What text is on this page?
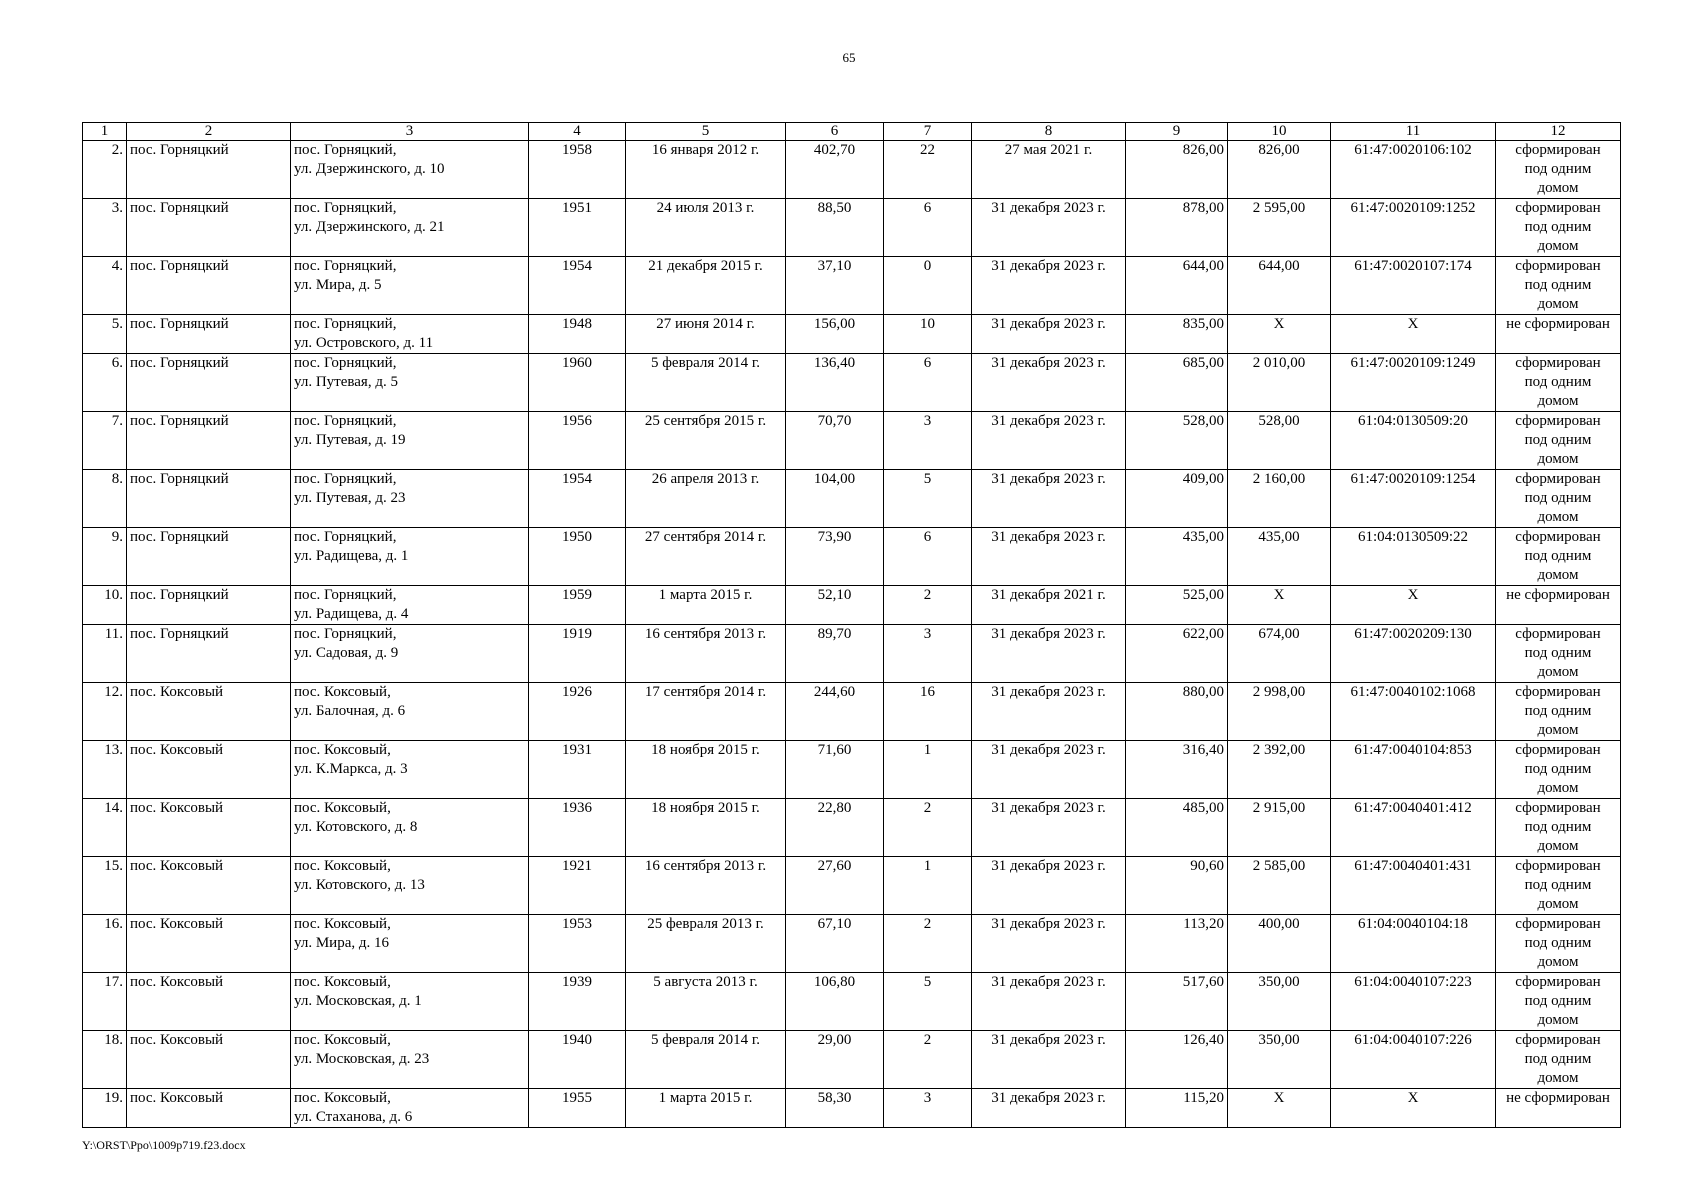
65
1	2	3	4	5	6	7	8	9	10	11	12
2.	пос. Горняцкий	пос. Горняцкий,
ул. Дзержинского, д. 10	1958	16 января 2012 г.	402,70	22	27 мая 2021 г.	826,00	826,00	61:47:0020106:102	сформирован
под одним
домом

3.	пос. Горняцкий	пос. Горняцкий,
ул. Дзержинского, д. 21	1951	24 июля 2013 г.	88,50	6	31 декабря 2023 г.	878,00	2 595,00	61:47:0020109:1252	сформирован
под одним
домом

4.	пос. Горняцкий	пос. Горняцкий,
ул. Мира, д. 5	1954	21 декабря 2015 г.	37,10	0	31 декабря 2023 г.	644,00	644,00	61:47:0020107:174	сформирован
под одним
домом

5.	пос. Горняцкий	пос. Горняцкий,
ул. Островского, д. 11	1948	27 июня 2014 г.	156,00	10	31 декабря 2023 г.	835,00	X	X	не сформирован

6.	пос. Горняцкий	пос. Горняцкий,
ул. Путевая, д. 5	1960	5 февраля 2014 г.	136,40	6	31 декабря 2023 г.	685,00	2 010,00	61:47:0020109:1249	сформирован
под одним
домом

7.	пос. Горняцкий	пос. Горняцкий,
ул. Путевая, д. 19	1956	25 сентября 2015 г.	70,70	3	31 декабря 2023 г.	528,00	528,00	61:04:0130509:20	сформирован
под одним
домом

8.	пос. Горняцкий	пос. Горняцкий,
ул. Путевая, д. 23	1954	26 апреля 2013 г.	104,00	5	31 декабря 2023 г.	409,00	2 160,00	61:47:0020109:1254	сформирован
под одним
домом

9.	пос. Горняцкий	пос. Горняцкий,
ул. Радищева, д. 1	1950	27 сентября 2014 г.	73,90	6	31 декабря 2023 г.	435,00	435,00	61:04:0130509:22	сформирован
под одним
домом

10.	пос. Горняцкий	пос. Горняцкий,
ул. Радищева, д. 4	1959	1 марта 2015 г.	52,10	2	31 декабря 2021 г.	525,00	X	X	не сформирован

11.	пос. Горняцкий	пос. Горняцкий,
ул. Садовая, д. 9	1919	16 сентября 2013 г.	89,70	3	31 декабря 2023 г.	622,00	674,00	61:47:0020209:130	сформирован
под одним
домом

12.	пос. Коксовый	пос. Коксовый,
ул. Балочная, д. 6	1926	17 сентября 2014 г.	244,60	16	31 декабря 2023 г.	880,00	2 998,00	61:47:0040102:1068	сформирован
под одним
домом

13.	пос. Коксовый	пос. Коксовый,
ул. К.Маркса, д. 3	1931	18 ноября 2015 г.	71,60	1	31 декабря 2023 г.	316,40	2 392,00	61:47:0040104:853	сформирован
под одним
домом

14.	пос. Коксовый	пос. Коксовый,
ул. Котовского, д. 8	1936	18 ноября 2015 г.	22,80	2	31 декабря 2023 г.	485,00	2 915,00	61:47:0040401:412	сформирован
под одним
домом

15.	пос. Коксовый	пос. Коксовый,
ул. Котовского, д. 13	1921	16 сентября 2013 г.	27,60	1	31 декабря 2023 г.	90,60	2 585,00	61:47:0040401:431	сформирован
под одним
домом

16.	пос. Коксовый	пос. Коксовый,
ул. Мира, д. 16	1953	25 февраля 2013 г.	67,10	2	31 декабря 2023 г.	113,20	400,00	61:04:0040104:18	сформирован
под одним
домом

17.	пос. Коксовый	пос. Коксовый,
ул. Московская, д. 1	1939	5 августа 2013 г.	106,80	5	31 декабря 2023 г.	517,60	350,00	61:04:0040107:223	сформирован
под одним
домом

18.	пос. Коксовый	пос. Коксовый,
ул. Московская, д. 23	1940	5 февраля 2014 г.	29,00	2	31 декабря 2023 г.	126,40	350,00	61:04:0040107:226	сформирован
под одним
домом

19.	пос. Коксовый	пос. Коксовый,
ул. Стаханова, д. 6	1955	1 марта 2015 г.	58,30	3	31 декабря 2023 г.	115,20	X	X	не сформирован
Y:\ORST\Ppo\1009p719.f23.docx
